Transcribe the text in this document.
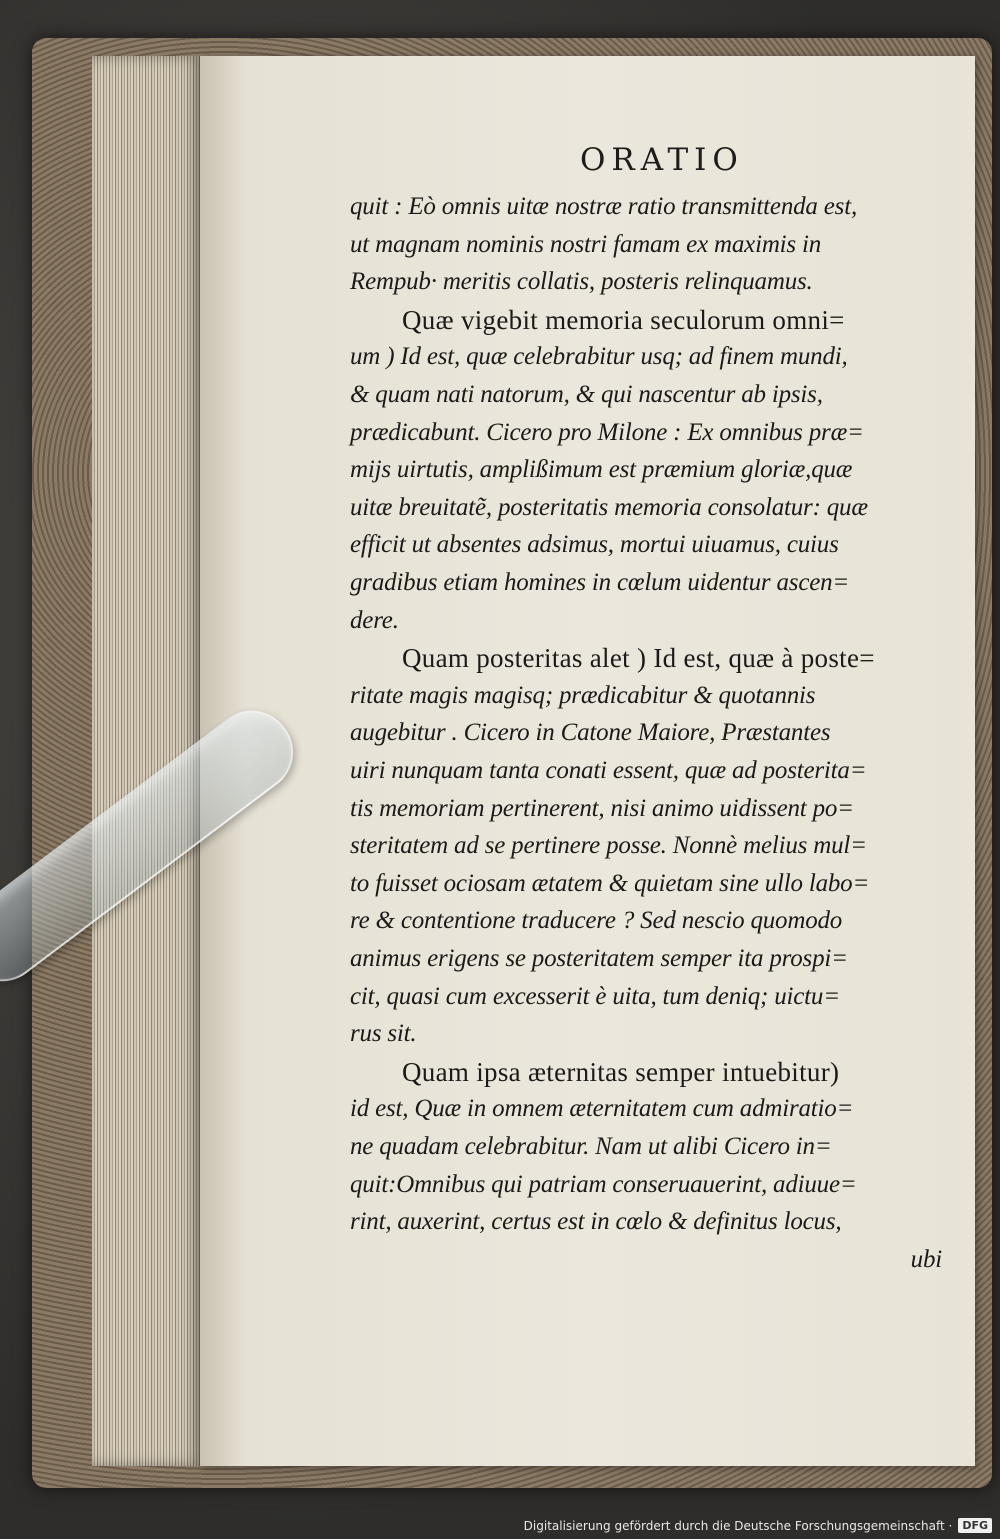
ORATIO
quit : Eò omnis uitæ nostræ ratio transmittenda est,
ut magnam nominis nostri famam ex maximis in
Rempub· meritis collatis, posteris relinquamus.
Quæ vigebit memoria seculorum omni=
um ) Id est, quæ celebrabitur usq; ad finem mundi,
& quam nati natorum, & qui nascentur ab ipsis,
prædicabunt. Cicero pro Milone : Ex omnibus præ=
mijs uirtutis, amplißimum est præmium gloriæ,quæ
uitæ breuitatẽ, posteritatis memoria consolatur: quæ
efficit ut absentes adsimus, mortui uiuamus, cuius
gradibus etiam homines in cœlum uidentur ascen=
dere.
Quam posteritas alet ) Id est, quæ à poste=
ritate magis magisq; prædicabitur & quotannis
augebitur . Cicero in Catone Maiore, Præstantes
uiri nunquam tanta conati essent, quæ ad posterita=
tis memoriam pertinerent, nisi animo uidissent po=
steritatem ad se pertinere posse. Nonnè melius mul=
to fuisset ociosam ætatem & quietam sine ullo labo=
re & contentione traducere ? Sed nescio quomodo
animus erigens se posteritatem semper ita prospi=
cit, quasi cum excesserit è uita, tum deniq; uictu=
rus sit.
Quam ipsa æternitas semper intuebitur)
id est, Quæ in omnem æternitatem cum admiratio=
ne quadam celebrabitur. Nam ut alibi Cicero in=
quit:Omnibus qui patriam conseruauerint, adiuue=
rint, auxerint, certus est in cœlo & definitus locus,
ubi
Digitalisierung gefördert durch die Deutsche Forschungsgemeinschaft · DFG
